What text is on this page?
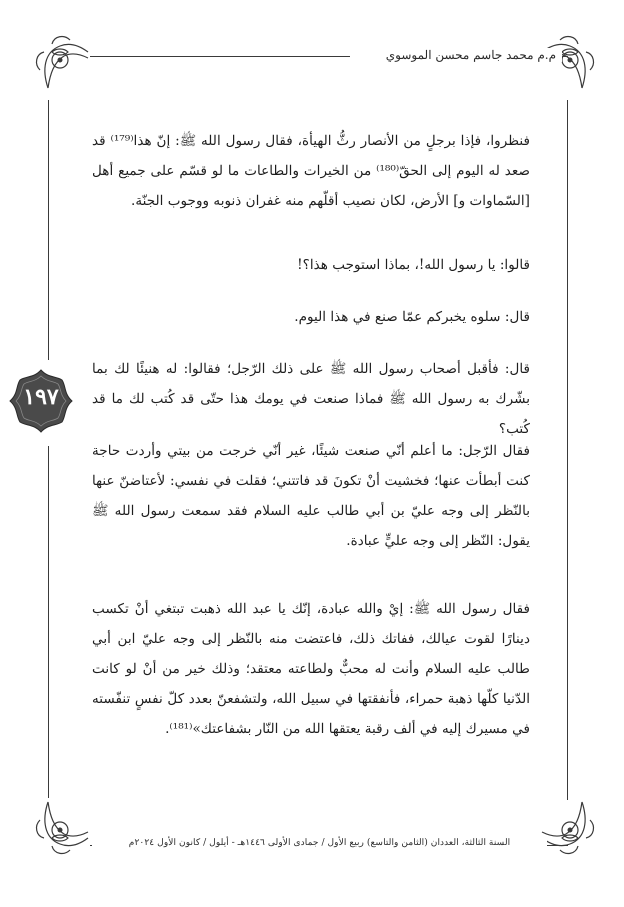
م.م محمد جاسم محسن الموسوي
١٩٧

فنظروا، فإذا برجلٍ من الأنصار رثُّ الهيأة، فقال رسول الله ﷺ: إنّ هذا⁽¹⁷⁹⁾ قد صعد له اليوم إلى الحقّ⁽¹⁸⁰⁾ من الخيرات والطاعات ما لو قسّم على جميع أهل [السّماوات و] الأرض، لكان نصيب أقلّهم منه غفران ذنوبه ووجوب الجنّة.

قالوا: يا رسول الله!، بماذا استوجب هذا؟!

قال: سلوه يخبركم عمّا صنع في هذا اليوم.

قال: فأقبل أصحاب رسول الله ﷺ على ذلك الرّجل؛ فقالوا: له هنيئًا لك بما بشّرك به رسول الله ﷺ فماذا صنعت في يومك هذا حتّى قد كُتب لك ما قد كُتب؟

فقال الرّجل: ما أعلم أنّي صنعت شيئًا، غير أنّي خرجت من بيتي وأردت حاجة كنت أبطأت عنها؛ فخشيت أنْ تكونَ قد فاتتني؛ فقلت في نفسي: لأعتاضنّ عنها بالنّظر إلى وجه عليّ بن أبي طالب عليه السلام فقد سمعت رسول الله ﷺ يقول: النّظر إلى وجه عليٍّ عبادة.

فقال رسول الله ﷺ: إيْ والله عبادة، إنّك يا عبد الله ذهبت تبتغي أنْ تكسب دينارًا لقوت عيالك، ففاتك ذلك، فاعتضت منه بالنّظر إلى وجه عليّ ابن أبي طالب عليه السلام وأنت له محبٌّ ولطاعته معتقد؛ وذلك خير من أنْ لو كانت الدّنيا كلّها ذهبة حمراء، فأنفقتها في سبيل الله، ولتشفعنّ بعدد كلّ نفسٍ تنفّسته في مسيرك إليه في ألف رقبة يعتقها الله من النّار بشفاعتك»⁽¹⁸¹⁾.

السنة الثالثة، العددان (الثامن والتاسع) ربيع الأول / جمادى الأولى ١٤٤٦هـ - أيلول / كانون الأول ٢٠٢٤م
